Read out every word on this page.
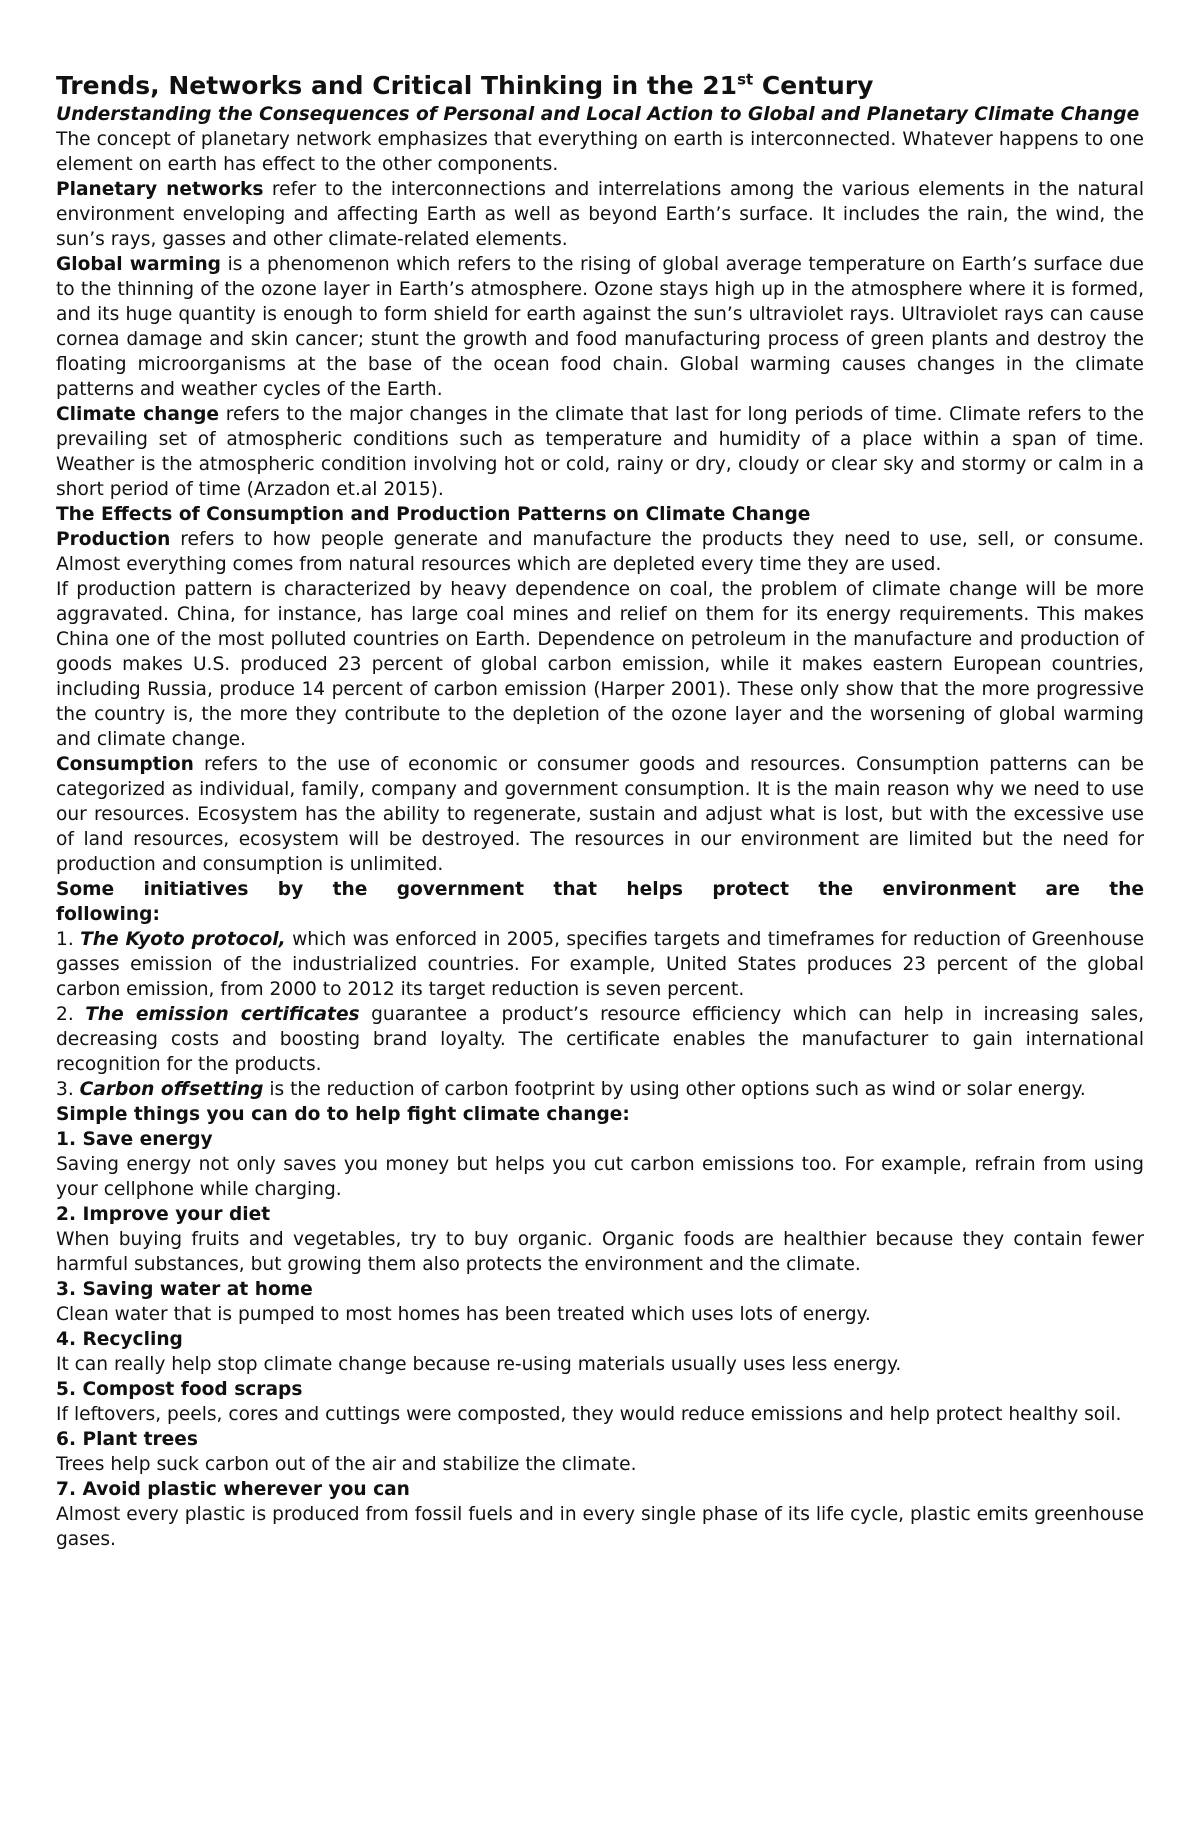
Trends, Networks and Critical Thinking in the 21st Century

Understanding the Consequences of Personal and Local Action to Global and Planetary Climate Change

The concept of planetary network emphasizes that everything on earth is interconnected. Whatever happens to one element on earth has effect to the other components.

Planetary networks refer to the interconnections and interrelations among the various elements in the natural environment enveloping and affecting Earth as well as beyond Earth’s surface. It includes the rain, the wind, the sun’s rays, gasses and other climate-related elements.

Global warming is a phenomenon which refers to the rising of global average temperature on Earth’s surface due to the thinning of the ozone layer in Earth’s atmosphere. Ozone stays high up in the atmosphere where it is formed, and its huge quantity is enough to form shield for earth against the sun’s ultraviolet rays. Ultraviolet rays can cause cornea damage and skin cancer; stunt the growth and food manufacturing process of green plants and destroy the floating microorganisms at the base of the ocean food chain. Global warming causes changes in the climate patterns and weather cycles of the Earth.

Climate change refers to the major changes in the climate that last for long periods of time. Climate refers to the prevailing set of atmospheric conditions such as temperature and humidity of a place within a span of time. Weather is the atmospheric condition involving hot or cold, rainy or dry, cloudy or clear sky and stormy or calm in a short period of time (Arzadon et.al 2015).

The Effects of Consumption and Production Patterns on Climate Change

Production refers to how people generate and manufacture the products they need to use, sell, or consume. Almost everything comes from natural resources which are depleted every time they are used.

If production pattern is characterized by heavy dependence on coal, the problem of climate change will be more aggravated. China, for instance, has large coal mines and relief on them for its energy requirements. This makes China one of the most polluted countries on Earth. Dependence on petroleum in the manufacture and production of goods makes U.S. produced 23 percent of global carbon emission, while it makes eastern European countries, including Russia, produce 14 percent of carbon emission (Harper 2001). These only show that the more progressive the country is, the more they contribute to the depletion of the ozone layer and the worsening of global warming and climate change.

Consumption refers to the use of economic or consumer goods and resources. Consumption patterns can be categorized as individual, family, company and government consumption. It is the main reason why we need to use our resources. Ecosystem has the ability to regenerate, sustain and adjust what is lost, but with the excessive use of land resources, ecosystem will be destroyed. The resources in our environment are limited but the need for production and consumption is unlimited.

Some initiatives by the government that helps protect the environment are the

following:

1. The Kyoto protocol, which was enforced in 2005, specifies targets and timeframes for reduction of Greenhouse gasses emission of the industrialized countries. For example, United States produces 23 percent of the global carbon emission, from 2000 to 2012 its target reduction is seven percent.

2. The emission certificates guarantee a product’s resource efficiency which can help in increasing sales, decreasing costs and boosting brand loyalty. The certificate enables the manufacturer to gain international recognition for the products.

3. Carbon offsetting is the reduction of carbon footprint by using other options such as wind or solar energy.

Simple things you can do to help fight climate change:

1. Save energy

Saving energy not only saves you money but helps you cut carbon emissions too. For example, refrain from using your cellphone while charging.

2. Improve your diet

When buying fruits and vegetables, try to buy organic. Organic foods are healthier because they contain fewer harmful substances, but growing them also protects the environment and the climate.

3. Saving water at home

Clean water that is pumped to most homes has been treated which uses lots of energy.

4. Recycling

It can really help stop climate change because re-using materials usually uses less energy.

5. Compost food scraps

If leftovers, peels, cores and cuttings were composted, they would reduce emissions and help protect healthy soil.

6. Plant trees

Trees help suck carbon out of the air and stabilize the climate.

7. Avoid plastic wherever you can

Almost every plastic is produced from fossil fuels and in every single phase of its life cycle, plastic emits greenhouse gases.
